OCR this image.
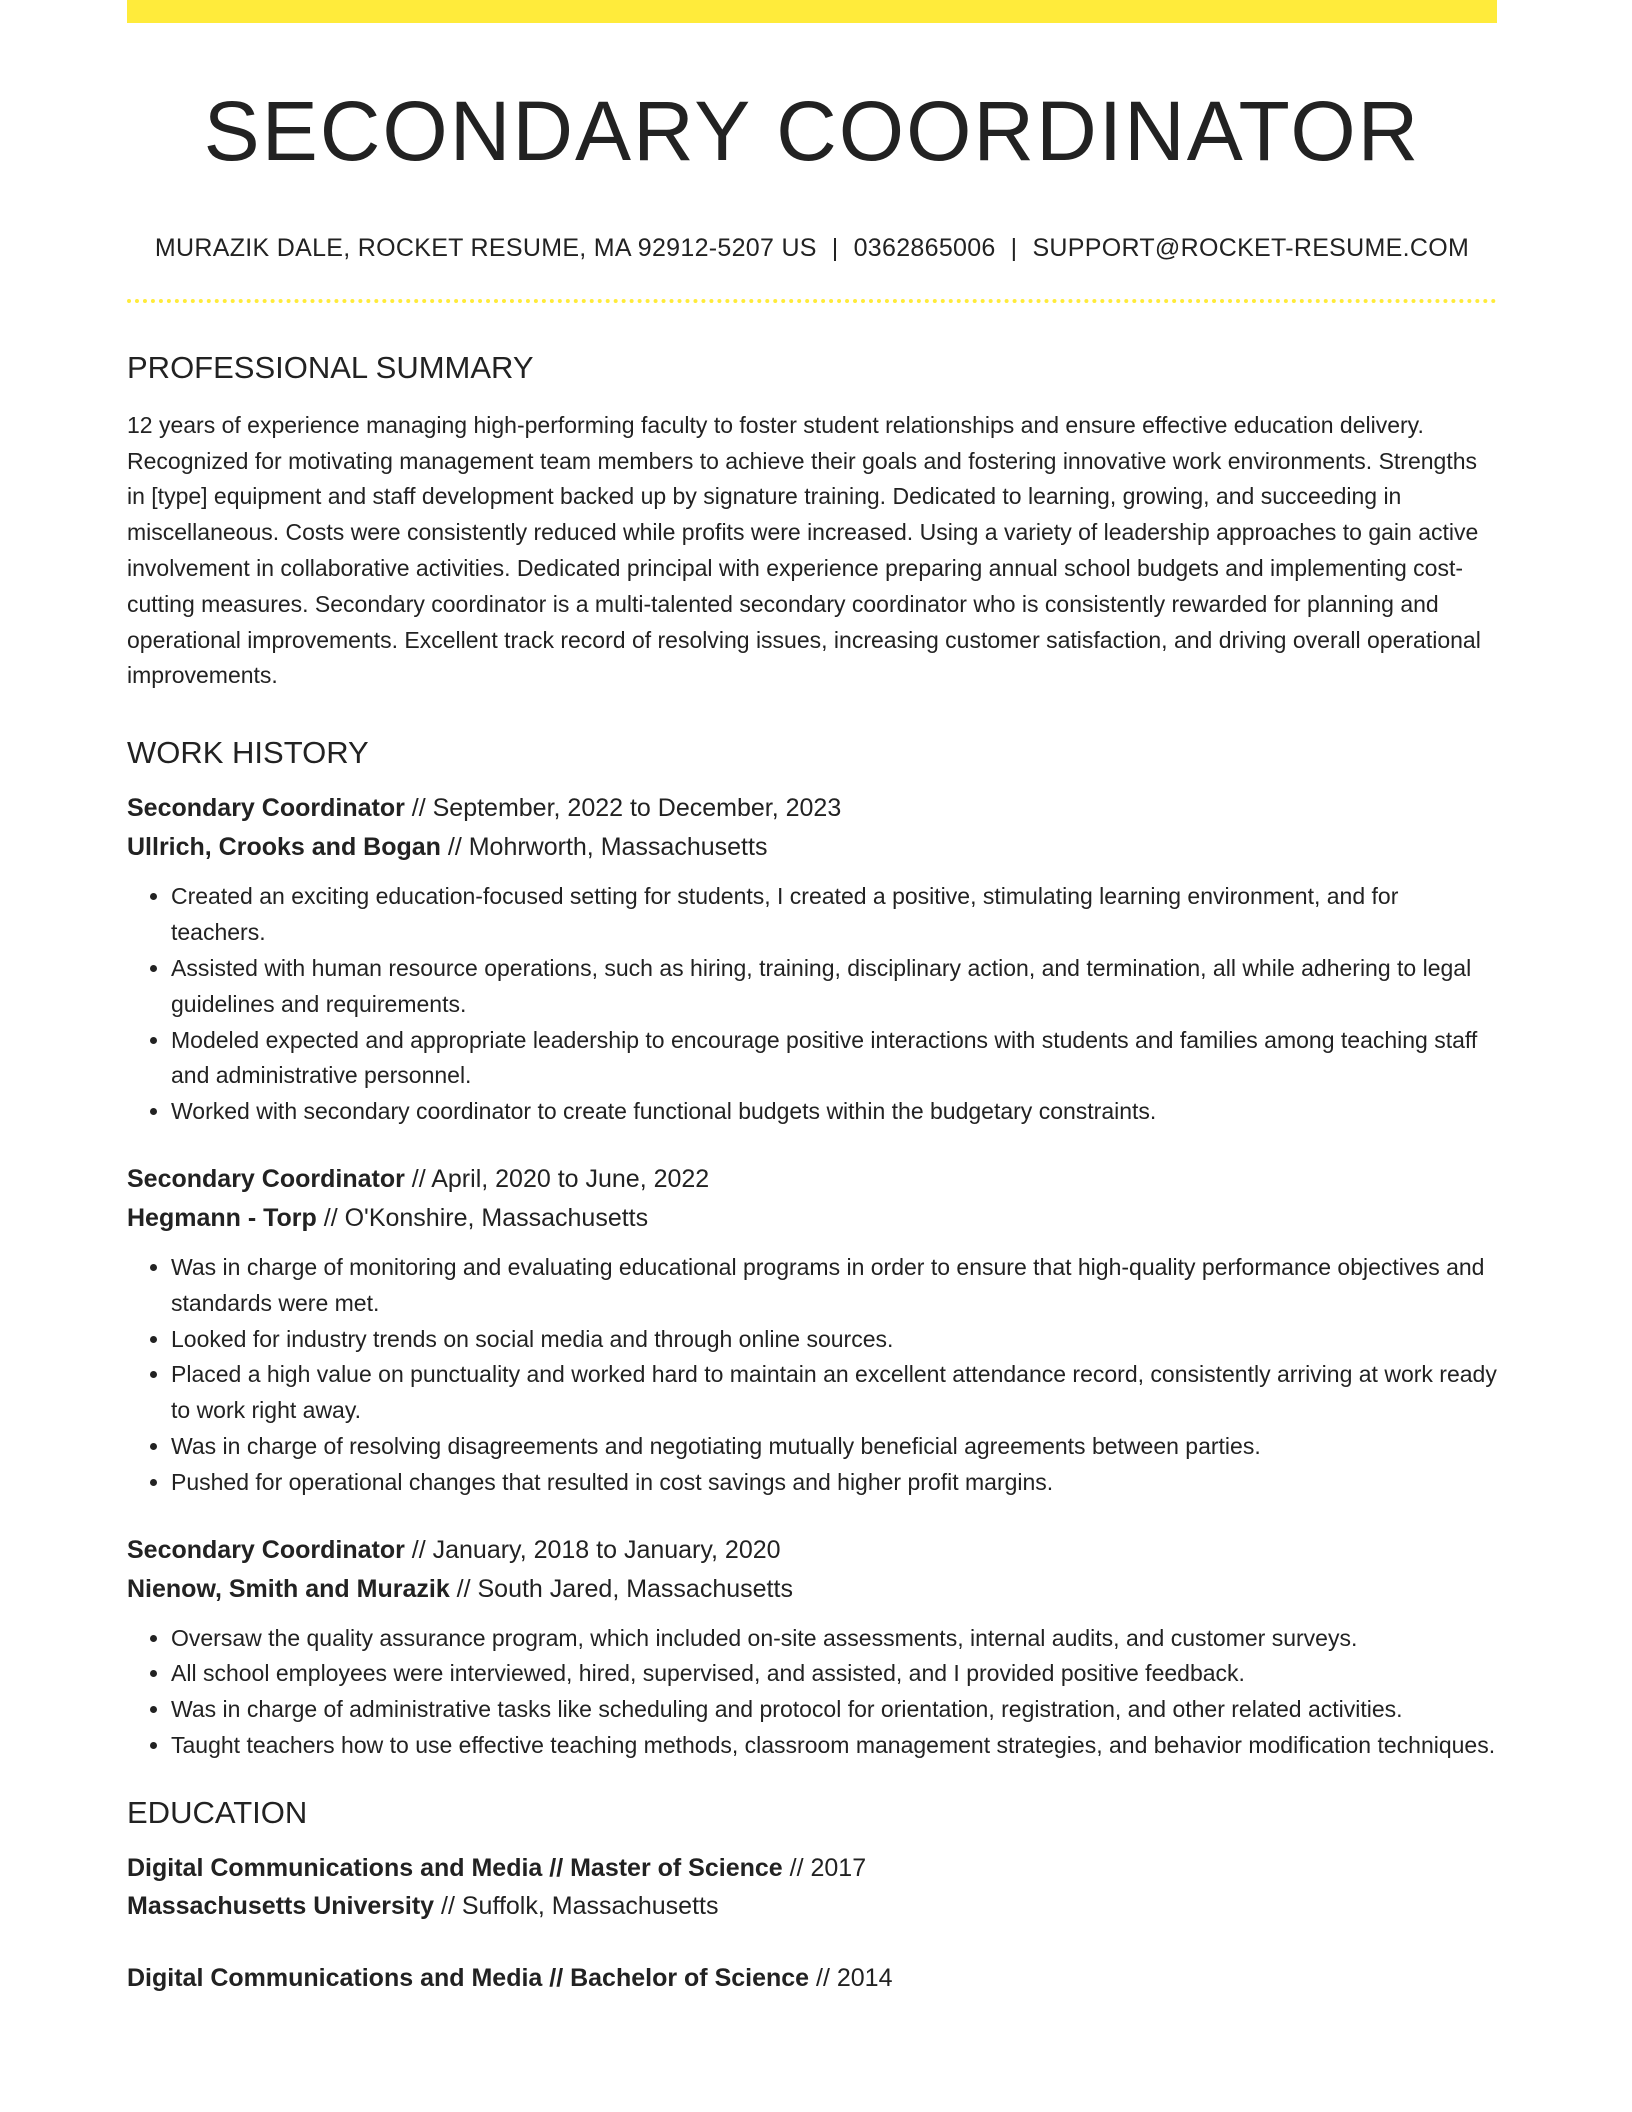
SECONDARY COORDINATOR
MURAZIK DALE, ROCKET RESUME, MA 92912-5207 US | 0362865006 | SUPPORT@ROCKET-RESUME.COM
PROFESSIONAL SUMMARY
12 years of experience managing high-performing faculty to foster student relationships and ensure effective education delivery. Recognized for motivating management team members to achieve their goals and fostering innovative work environments. Strengths in [type] equipment and staff development backed up by signature training. Dedicated to learning, growing, and succeeding in miscellaneous. Costs were consistently reduced while profits were increased. Using a variety of leadership approaches to gain active involvement in collaborative activities. Dedicated principal with experience preparing annual school budgets and implementing cost-cutting measures. Secondary coordinator is a multi-talented secondary coordinator who is consistently rewarded for planning and operational improvements. Excellent track record of resolving issues, increasing customer satisfaction, and driving overall operational improvements.
WORK HISTORY
Secondary Coordinator // September, 2022 to December, 2023
Ullrich, Crooks and Bogan // Mohrworth, Massachusetts
• Created an exciting education-focused setting for students, I created a positive, stimulating learning environment, and for teachers.
• Assisted with human resource operations, such as hiring, training, disciplinary action, and termination, all while adhering to legal guidelines and requirements.
• Modeled expected and appropriate leadership to encourage positive interactions with students and families among teaching staff and administrative personnel.
• Worked with secondary coordinator to create functional budgets within the budgetary constraints.
Secondary Coordinator // April, 2020 to June, 2022
Hegmann - Torp // O'Konshire, Massachusetts
• Was in charge of monitoring and evaluating educational programs in order to ensure that high-quality performance objectives and standards were met.
• Looked for industry trends on social media and through online sources.
• Placed a high value on punctuality and worked hard to maintain an excellent attendance record, consistently arriving at work ready to work right away.
• Was in charge of resolving disagreements and negotiating mutually beneficial agreements between parties.
• Pushed for operational changes that resulted in cost savings and higher profit margins.
Secondary Coordinator // January, 2018 to January, 2020
Nienow, Smith and Murazik // South Jared, Massachusetts
• Oversaw the quality assurance program, which included on-site assessments, internal audits, and customer surveys.
• All school employees were interviewed, hired, supervised, and assisted, and I provided positive feedback.
• Was in charge of administrative tasks like scheduling and protocol for orientation, registration, and other related activities.
• Taught teachers how to use effective teaching methods, classroom management strategies, and behavior modification techniques.
EDUCATION
Digital Communications and Media // Master of Science // 2017
Massachusetts University // Suffolk, Massachusetts
Digital Communications and Media // Bachelor of Science // 2014
